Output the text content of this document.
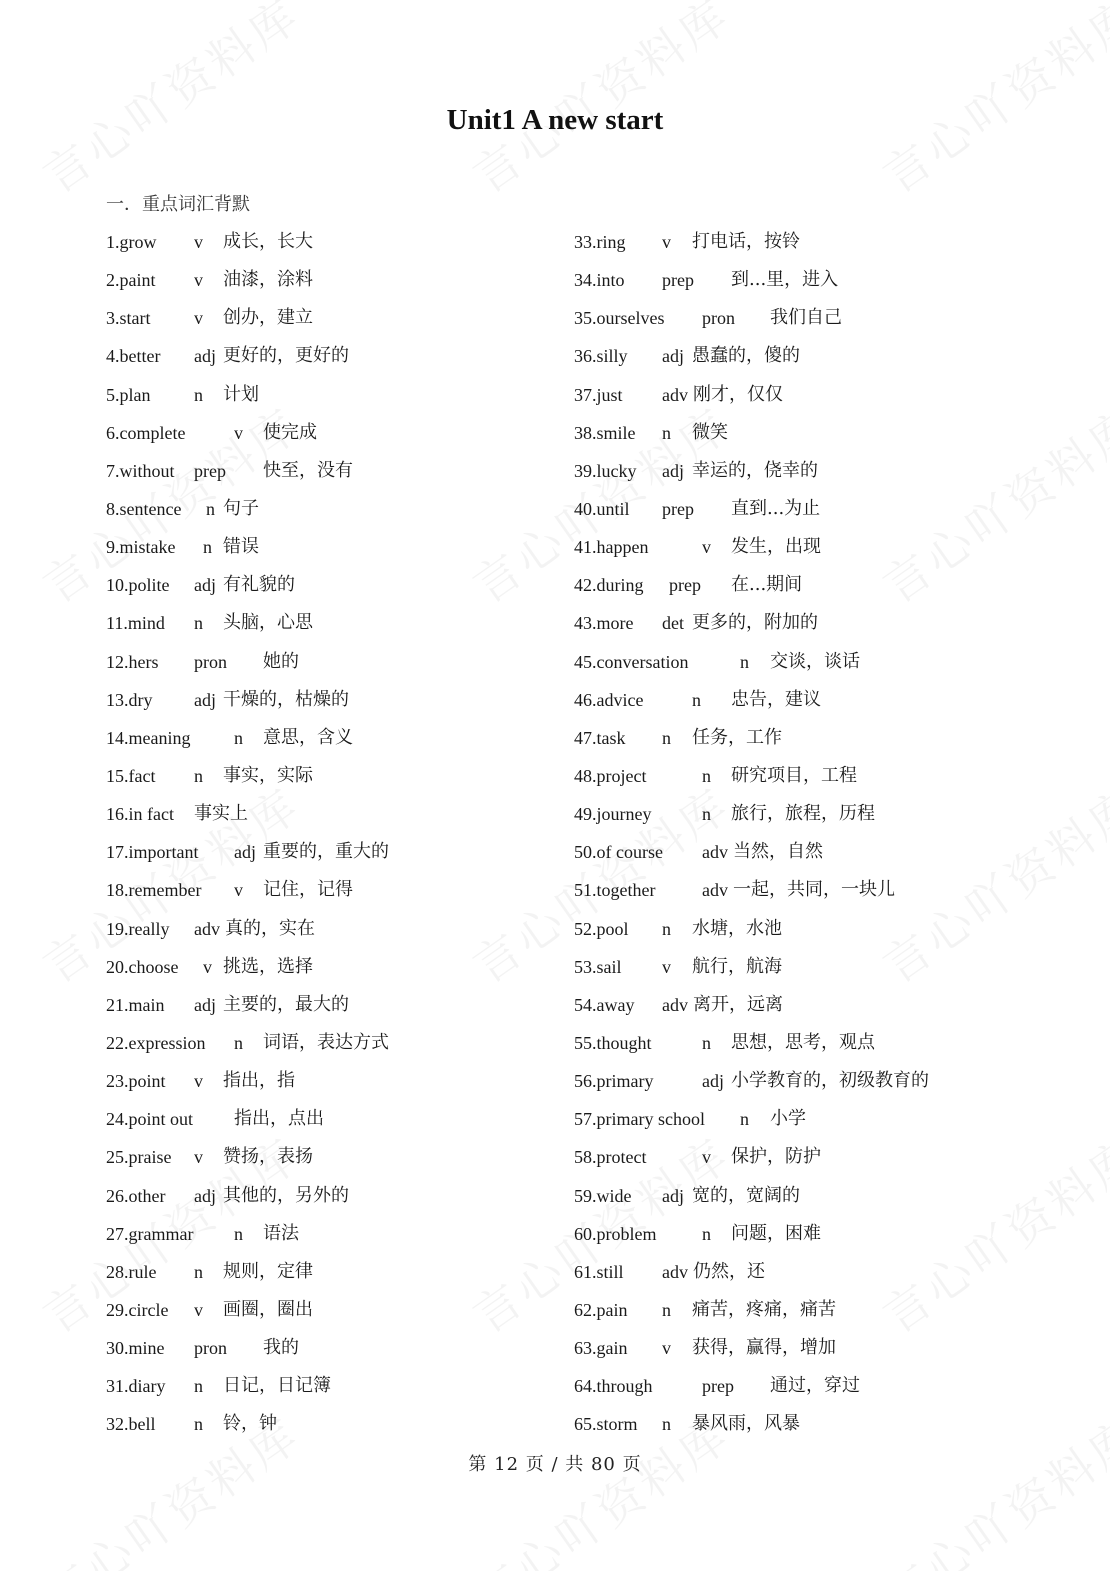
Unit1 A new start
一．重点词汇背默
1.grow v 成长，长大
2.paint v 油漆，涂料
3.start v 创办，建立
4.better adj 更好的，更好的
5.plan n 计划
6.complete	v 使完成
7.without prep 快至，没有
8.sentence n 句子
9.mistake n 错误
10.polite adj 有礼貌的
11.mind n 头脑，心思
12.hers pron 她的
13.dry adj 干燥的，枯燥的
14.meaning n 意思，含义
15.fact n 事实，实际
16.in fact 事实上
17.important adj 重要的，重大的
18.remember v 记住，记得
19.really adv 真的，实在
20.choose v 挑选，选择
21.main adj 主要的，最大的
22.expression n 词语，表达方式
23.point v 指出，指
24.point out 指出，点出
25.praise v 赞扬，表扬
26.other adj 其他的，另外的
27.grammar n 语法
28.rule n 规则，定律
29.circle v 画圈，圈出
30.mine pron 我的
31.diary n 日记，日记簿
32.bell n 铃，钟
33.ring v 打电话，按铃
34.into prep 到...里，进入
35.ourselves pron 我们自己
36.silly adj 愚蠢的，傻的
37.just adv 刚才，仅仅
38.smile n 微笑
39.lucky adj 幸运的，侥幸的
40.until prep 直到...为止
41.happen	v 发生，出现
42.during prep 在...期间
43.more det 更多的，附加的
45.conversation	n 交谈，谈话
46.advice	n 忠告，建议
47.task n 任务，工作
48.project	n 研究项目，工程
49.journey	n 旅行，旅程，历程
50.of course adv 当然，自然
51.together	adv 一起，共同，一块儿
52.pool n 水塘，水池
53.sail v 航行，航海
54.away adv 离开，远离
55.thought	n 思想，思考，观点
56.primary	adj 小学教育的，初级教育的
57.primary school n 小学
58.protect	v 保护，防护
59.wide adj 宽的，宽阔的
60.problem	n 问题，困难
61.still adv 仍然，还
62.pain n 痛苦，疼痛，痛苦
63.gain v 获得，赢得，增加
64.through	prep 通过，穿过
65.storm n 暴风雨，风暴
第 12 页 / 共 80 页
